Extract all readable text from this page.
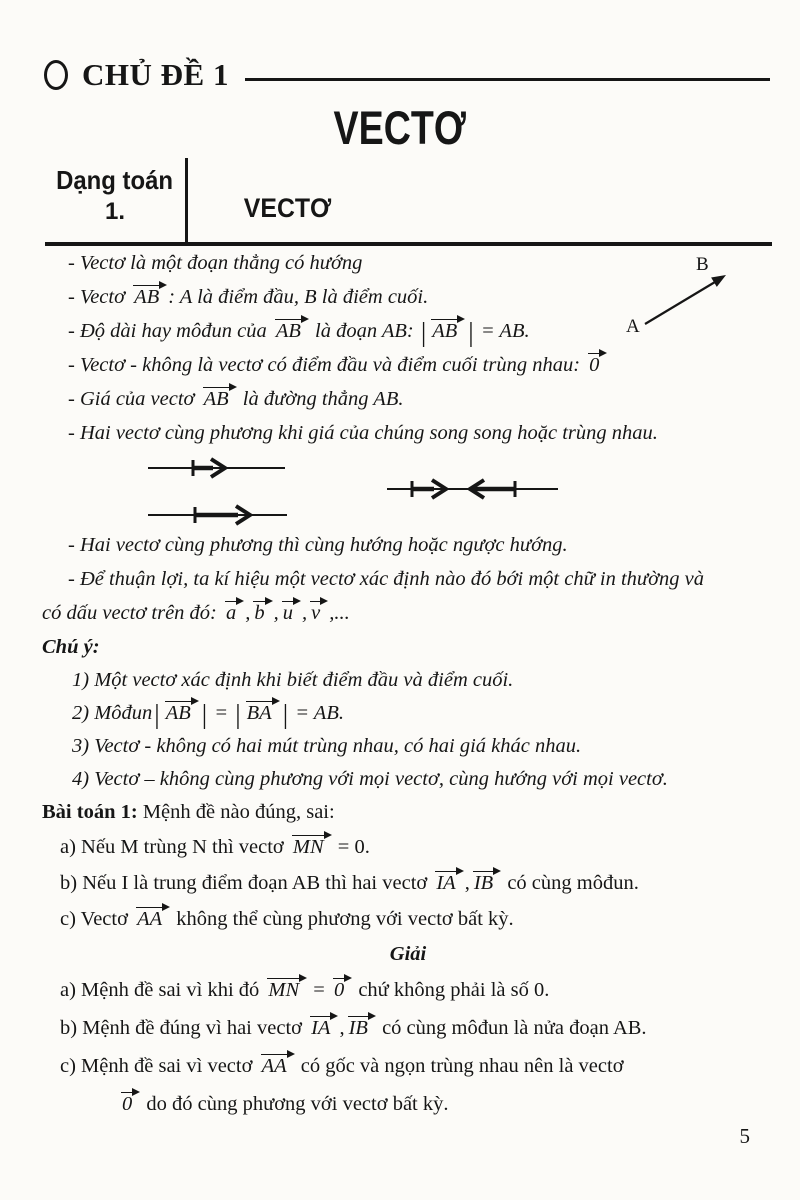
CHỦ ĐỀ 1
VECTƠ
Dạng toán
1.	VECTƠ
- Vectơ là một đoạn thẳng có hướng
- Vectơ AB : A là điểm đầu, B là điểm cuối.
- Độ dài hay môđun của AB là đoạn AB: | AB | = AB.
- Vectơ - không là vectơ có điểm đầu và điểm cuối trùng nhau: 0
- Giá của vectơ AB là đường thẳng AB.
- Hai vectơ cùng phương khi giá của chúng song song hoặc trùng nhau.
- Hai vectơ cùng phương thì cùng hướng hoặc ngược hướng.
- Để thuận lợi, ta kí hiệu một vectơ xác định nào đó bới một chữ in thường và
có dấu vectơ trên đó: a , b , u , v ,...
Chú ý:
1) Một vectơ xác định khi biết điểm đầu và điểm cuối.
2) Môđun| AB | = | BA | = AB.
3) Vectơ - không có hai mút trùng nhau, có hai giá khác nhau.
4) Vectơ – không cùng phương với mọi vectơ, cùng hướng với mọi vectơ.
Bài toán 1: Mệnh đề nào đúng, sai:
a) Nếu M trùng N thì vectơ MN = 0.
b) Nếu I là trung điểm đoạn AB thì hai vectơ IA , IB có cùng môđun.
c) Vectơ AA không thể cùng phương với vectơ bất kỳ.
Giải
a) Mệnh đề sai vì khi đó MN = 0 chứ không phải là số 0.
b) Mệnh đề đúng vì hai vectơ IA , IB có cùng môđun là nửa đoạn AB.
c) Mệnh đề sai vì vectơ AA có gốc và ngọn trùng nhau nên là vectơ
0 do đó cùng phương với vectơ bất kỳ.
A
B
5
